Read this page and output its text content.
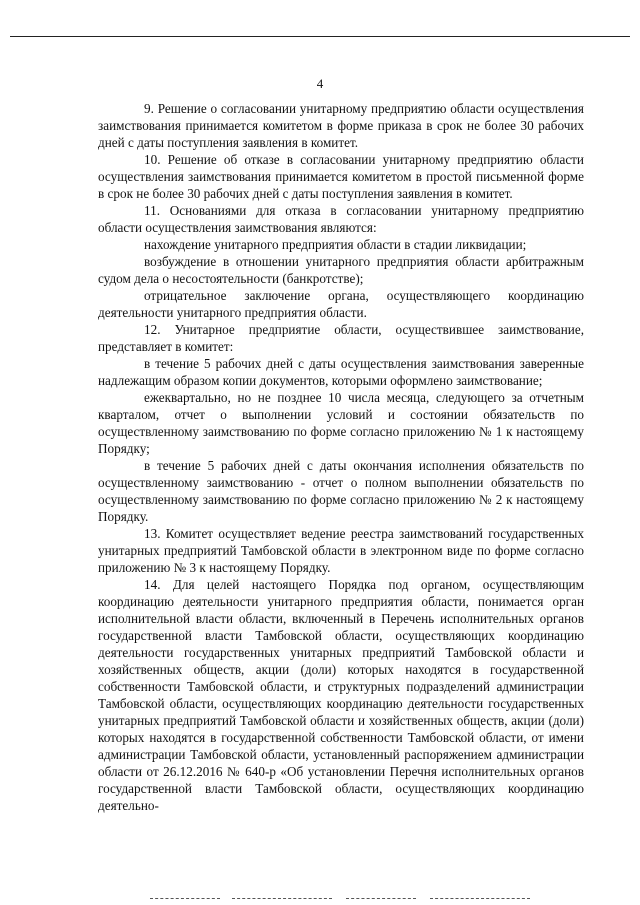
4

9. Решение о согласовании унитарному предприятию области осуществления заимствования принимается комитетом в форме приказа в срок не более 30 рабочих дней с даты поступления заявления в комитет.

10. Решение об отказе в согласовании унитарному предприятию области осуществления заимствования принимается комитетом в простой письменной форме в срок не более 30 рабочих дней с даты поступления заявления в комитет.

11. Основаниями для отказа в согласовании унитарному предприятию области осуществления заимствования являются:

нахождение унитарного предприятия области в стадии ликвидации;

возбуждение в отношении унитарного предприятия области арбитражным судом дела о несостоятельности (банкротстве);

отрицательное заключение органа, осуществляющего координацию деятельности унитарного предприятия области.

12. Унитарное предприятие области, осуществившее заимствование, представляет в комитет:

в течение 5 рабочих дней с даты осуществления заимствования заверенные надлежащим образом копии документов, которыми оформлено заимствование;

ежеквартально, но не позднее 10 числа месяца, следующего за отчетным кварталом, отчет о выполнении условий и состоянии обязательств по осуществленному заимствованию по форме согласно приложению № 1 к настоящему Порядку;

в течение 5 рабочих дней с даты окончания исполнения обязательств по осуществленному заимствованию - отчет о полном выполнении обязательств по осуществленному заимствованию по форме согласно приложению № 2 к настоящему Порядку.

13. Комитет осуществляет ведение реестра заимствований государственных унитарных предприятий Тамбовской области в электронном виде по форме согласно приложению № 3 к настоящему Порядку.

14. Для целей настоящего Порядка под органом, осуществляющим координацию деятельности унитарного предприятия области, понимается орган исполнительной власти области, включенный в Перечень исполнительных органов государственной власти Тамбовской области, осуществляющих координацию деятельности государственных унитарных предприятий Тамбовской области и хозяйственных обществ, акции (доли) которых находятся в государственной собственности Тамбовской области, и структурных подразделений администрации Тамбовской области, осуществляющих координацию деятельности государственных унитарных предприятий Тамбовской области и хозяйственных обществ, акции (доли) которых находятся в государственной собственности Тамбовской области, от имени администрации Тамбовской области, установленный распоряжением администрации области от 26.12.2016 № 640-р «Об установлении Перечня исполнительных органов государственной власти Тамбовской области, осуществляющих координацию деятельно-
